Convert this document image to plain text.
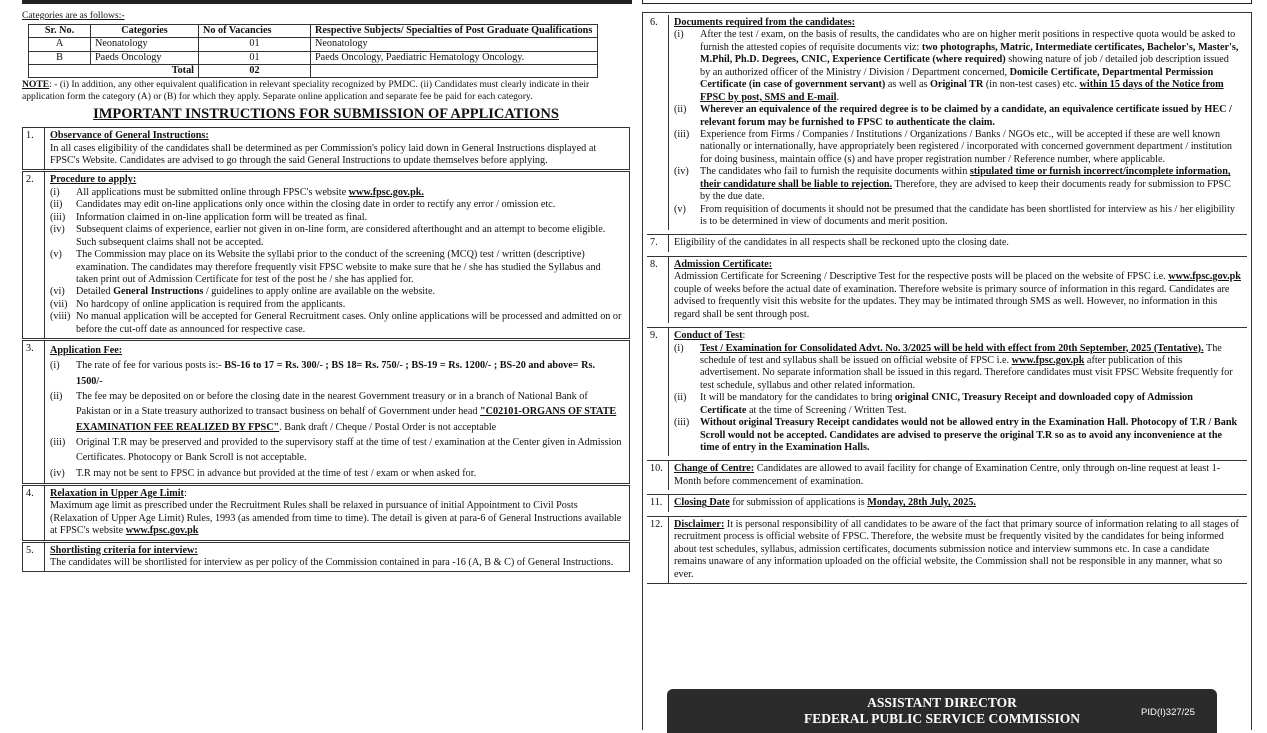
Categories are as follows:-
Sr. No.	Categories	No of Vacancies	Respective Subjects/ Specialties of Post Graduate Qualifications
A	Neonatology	01	Neonatology
B	Paeds Oncology	01	Paeds Oncology, Paediatric Hematology Oncology.
Total		02	
NOTE: - (i) In addition, any other equivalent qualification in relevant speciality recognized by PMDC. (ii) Candidates must clearly indicate in their application form the category (A) or (B) for which they apply. Separate online application and separate fee be paid for each category.
IMPORTANT INSTRUCTIONS FOR SUBMISSION OF APPLICATIONS
1.	Observance of General Instructions:
In all cases eligibility of the candidates shall be determined as per Commission's policy laid down in General Instructions displayed at FPSC's Website. Candidates are advised to go through the said General Instructions to update themselves before applying.
2.	Procedure to apply:
(i)	All applications must be submitted online through FPSC's website www.fpsc.gov.pk.
(ii)	Candidates may edit on-line applications only once within the closing date in order to rectify any error / omission etc.
(iii)	Information claimed in on-line application form will be treated as final.
(iv)	Subsequent claims of experience, earlier not given in on-line form, are considered afterthought and an attempt to become eligible. Such subsequent claims shall not be accepted.
(v)	The Commission may place on its Website the syllabi prior to the conduct of the screening (MCQ) test / written (descriptive) examination. The candidates may therefore frequently visit FPSC website to make sure that he / she has studied the Syllabus and taken print out of Admission Certificate for test of the post he / she has applied for.
(vi)	Detailed General Instructions / guidelines to apply online are available on the website.
(vii) No hardcopy of online application is required from the applicants.
(viii) No manual application will be accepted for General Recruitment cases. Only online applications will be processed and admitted on or before the cut-off date as announced for respective case.
3.	Application Fee:
(i)	The rate of fee for various posts is:- BS-16 to 17 = Rs. 300/- ; BS 18= Rs. 750/- ; BS-19 = Rs. 1200/- ; BS-20 and above= Rs. 1500/-
(ii)	The fee may be deposited on or before the closing date in the nearest Government treasury or in a branch of National Bank of Pakistan or in a State treasury authorized to transact business on behalf of Government under head "C02101-ORGANS OF STATE EXAMINATION FEE REALIZED BY FPSC". Bank draft / Cheque / Postal Order is not acceptable
(iii)	Original T.R may be preserved and provided to the supervisory staff at the time of test / examination at the Center given in Admission Certificates. Photocopy or Bank Scroll is not acceptable.
(iv)	T.R may not be sent to FPSC in advance but provided at the time of test / exam or when asked for.
4.	Relaxation in Upper Age Limit:
Maximum age limit as prescribed under the Recruitment Rules shall be relaxed in pursuance of initial Appointment to Civil Posts (Relaxation of Upper Age Limit) Rules, 1993 (as amended from time to time). The detail is given at para-6 of General Instructions available at FPSC's website www.fpsc.gov.pk
5.	Shortlisting criteria for interview:
The candidates will be shortlisted for interview as per policy of the Commission contained in para -16 (A, B & C) of General Instructions.
6.	Documents required from the candidates:
(i)	After the test / exam, on the basis of results, the candidates who are on higher merit positions in respective quota would be asked to furnish the attested copies of requisite documents viz: two photographs, Matric, Intermediate certificates, Bachelor's, Master's, M.Phil, Ph.D. Degrees, CNIC, Experience Certificate (where required) showing nature of job / detailed job description issued by an authorized officer of the Ministry / Division / Department concerned, Domicile Certificate, Departmental Permission Certificate (in case of government servant) as well as Original TR (in non-test cases) etc. within 15 days of the Notice from FPSC by post, SMS and E-mail.
(ii)	Wherever an equivalence of the required degree is to be claimed by a candidate, an equivalence certificate issued by HEC / relevant forum may be furnished to FPSC to authenticate the claim.
(iii)	Experience from Firms / Companies / Institutions / Organizations / Banks / NGOs etc., will be accepted if these are well known nationally or internationally, have appropriately been registered / incorporated with concerned government department / institution for doing business, maintain office (s) and have proper registration number / Reference number, where applicable.
(iv)	The candidates who fail to furnish the requisite documents within stipulated time or furnish incorrect/incomplete information, their candidature shall be liable to rejection. Therefore, they are advised to keep their documents ready for submission to FPSC by the due date.
(v)	From requisition of documents it should not be presumed that the candidate has been shortlisted for interview as his / her eligibility is to be determined in view of documents and merit position.
7.	Eligibility of the candidates in all respects shall be reckoned upto the closing date.
8.	Admission Certificate:
Admission Certificate for Screening / Descriptive Test for the respective posts will be placed on the website of FPSC i.e. www.fpsc.gov.pk couple of weeks before the actual date of examination. Therefore website is primary source of information in this regard. Candidates are advised to frequently visit this website for the updates. They may be intimated through SMS as well. However, no information in this regard shall be sent through post.
9.	Conduct of Test:
(i)	Test / Examination for Consolidated Advt. No. 3/2025 will be held with effect from 20th September, 2025 (Tentative). The schedule of test and syllabus shall be issued on official website of FPSC i.e. www.fpsc.gov.pk after publication of this advertisement. No separate information shall be issued in this regard. Therefore candidates must visit FPSC Website frequently for test schedule, syllabus and other related information.
(ii)	It will be mandatory for the candidates to bring original CNIC, Treasury Receipt and downloaded copy of Admission Certificate at the time of Screening / Written Test.
(iii)	Without original Treasury Receipt candidates would not be allowed entry in the Examination Hall. Photocopy of T.R / Bank Scroll would not be accepted. Candidates are advised to preserve the original T.R so as to avoid any inconvenience at the time of entry in the Examination Halls.
10.	Change of Centre: Candidates are allowed to avail facility for change of Examination Centre, only through on-line request at least 1-Month before commencement of examination.
11.	Closing Date for submission of applications is Monday, 28th July, 2025.
12.	Disclaimer: It is personal responsibility of all candidates to be aware of the fact that primary source of information relating to all stages of recruitment process is official website of FPSC. Therefore, the website must be frequently visited by the candidates for being informed about test schedules, syllabus, admission certificates, documents submission notice and interview summons etc. In case a candidate remains unaware of any information uploaded on the official website, the Commission shall not be responsible in any manner, what so ever.
ASSISTANT DIRECTOR
FEDERAL PUBLIC SERVICE COMMISSION	PID(I)327/25
